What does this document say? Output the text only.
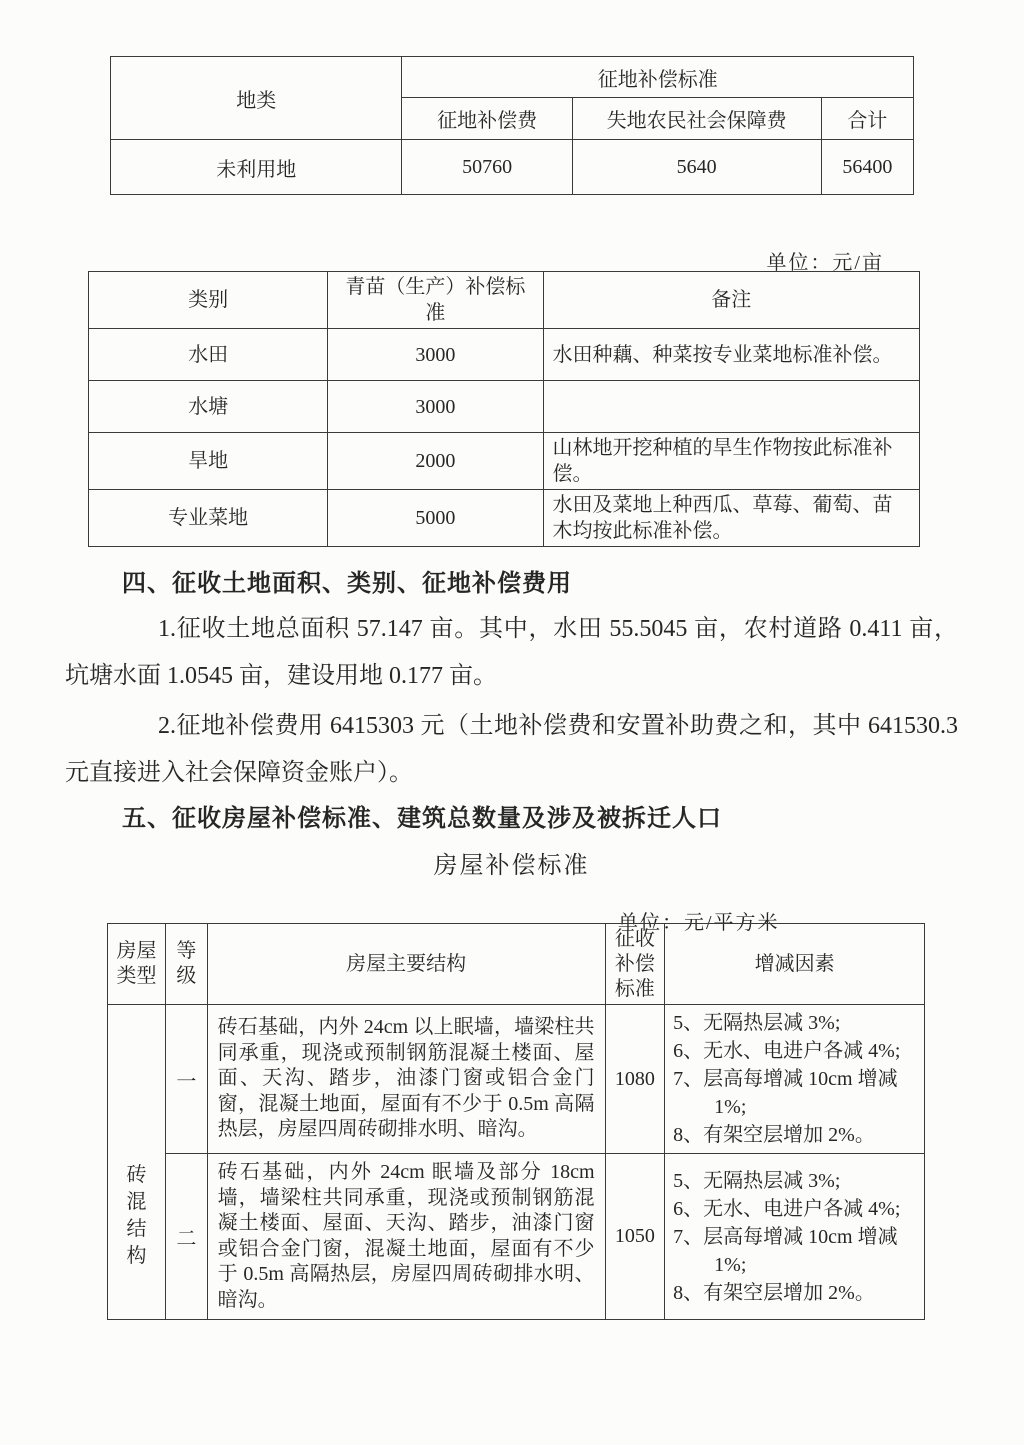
地类	征地补偿标准		
	征地补偿费	失地农民社会保障费	合计
未利用地	50760	5640	56400
单位：元/亩
类别	青苗（生产）补偿标准	备注
水田	3000	水田种藕、种菜按专业菜地标准补偿。
水塘	3000	
旱地	2000	山林地开挖种植的旱生作物按此标准补偿。
专业菜地	5000	水田及菜地上种西瓜、草莓、葡萄、苗木均按此标准补偿。
四、征收土地面积、类别、征地补偿费用
1.征收土地总面积 57.147 亩。其中，水田 55.5045 亩，农村道路 0.411 亩，坑塘水面 1.0545 亩，建设用地 0.177 亩。
2.征地补偿费用 6415303 元（土地补偿费和安置补助费之和，其中 641530.3 元直接进入社会保障资金账户）。
五、征收房屋补偿标准、建筑总数量及涉及被拆迁人口
房屋补偿标准
单位：元/平方米
房屋类型	等级	房屋主要结构	征收补偿标准	增减因素

砖混结构	一	砖石基础，内外 24cm 以上眠墙，墙梁柱共同承重，现浇或预制钢筋混凝土楼面、屋面、天沟、踏步，油漆门窗或铝合金门窗，混凝土地面，屋面有不少于 0.5m 高隔热层，房屋四周砖砌排水明、暗沟。	1080	5、无隔热层减 3%;
6、无水、电进户各减 4%;
7、层高每增减 10cm 增减 1%;
8、有架空层增加 2%。

	二	砖石基础，内外 24cm 眠墙及部分 18cm 墙，墙梁柱共同承重，现浇或预制钢筋混凝土楼面、屋面、天沟、踏步，油漆门窗或铝合金门窗，混凝土地面，屋面有不少于 0.5m 高隔热层，房屋四周砖砌排水明、暗沟。	1050	5、无隔热层减 3%;
6、无水、电进户各减 4%;
7、层高每增减 10cm 增减 1%;
8、有架空层增加 2%。
